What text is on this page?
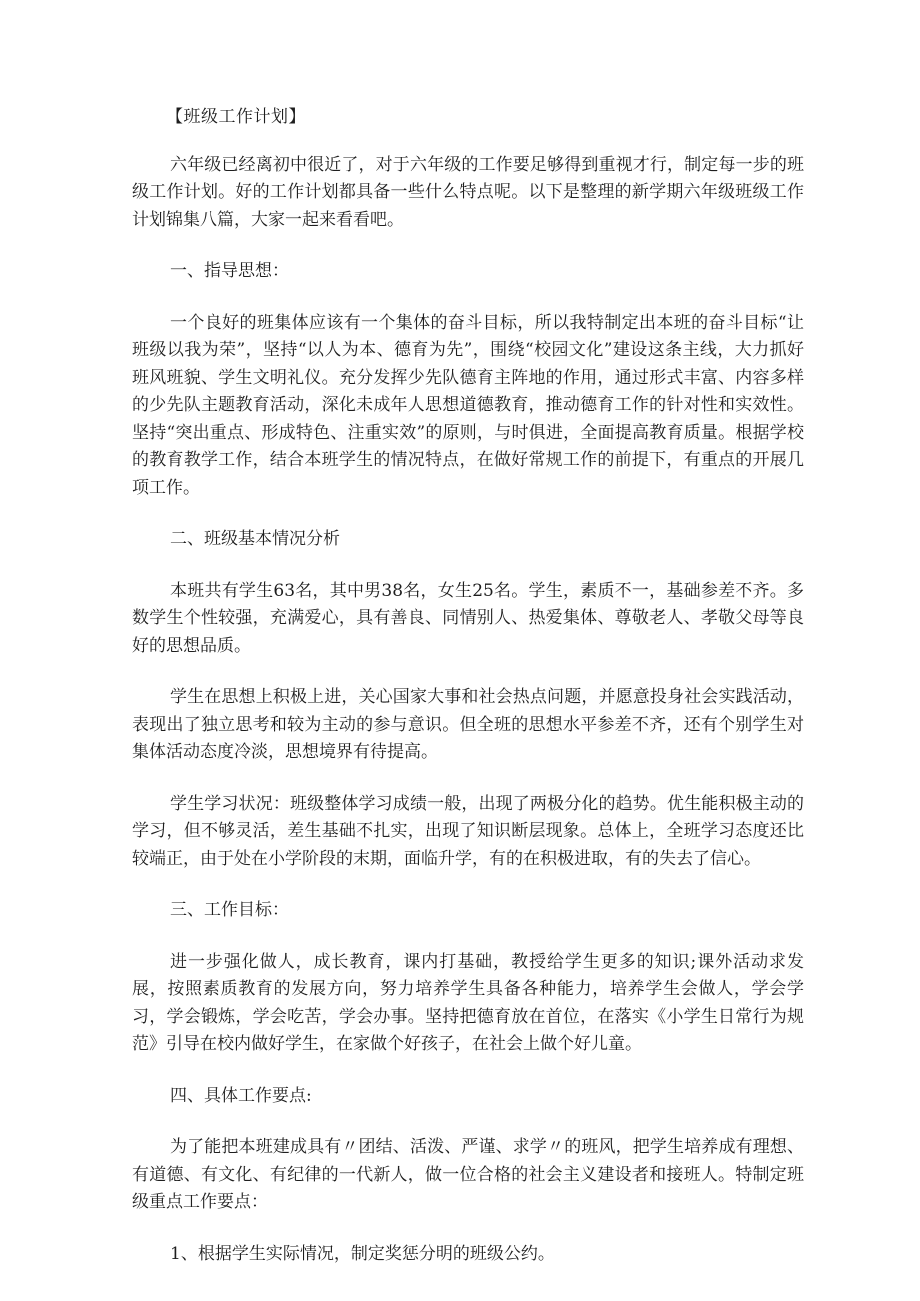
【班级工作计划】

六年级已经离初中很近了，对于六年级的工作要足够得到重视才行，制定每一步的班级工作计划。好的工作计划都具备一些什么特点呢。以下是整理的新学期六年级班级工作计划锦集八篇，大家一起来看看吧。

一、指导思想：

一个良好的班集体应该有一个集体的奋斗目标，所以我特制定出本班的奋斗目标“让班级以我为荣”，坚持“以人为本、德育为先”，围绕“校园文化”建设这条主线，大力抓好班风班貌、学生文明礼仪。充分发挥少先队德育主阵地的作用，通过形式丰富、内容多样的少先队主题教育活动，深化未成年人思想道德教育，推动德育工作的针对性和实效性。坚持“突出重点、形成特色、注重实效”的原则，与时俱进，全面提高教育质量。根据学校的教育教学工作，结合本班学生的情况特点，在做好常规工作的前提下，有重点的开展几项工作。

二、班级基本情况分析

本班共有学生63名，其中男38名，女生25名。学生，素质不一，基础参差不齐。多数学生个性较强，充满爱心，具有善良、同情别人、热爱集体、尊敬老人、孝敬父母等良好的思想品质。

学生在思想上积极上进，关心国家大事和社会热点问题，并愿意投身社会实践活动，表现出了独立思考和较为主动的参与意识。但全班的思想水平参差不齐，还有个别学生对集体活动态度冷淡，思想境界有待提高。

学生学习状况：班级整体学习成绩一般，出现了两极分化的趋势。优生能积极主动的学习，但不够灵活，差生基础不扎实，出现了知识断层现象。总体上，全班学习态度还比较端正，由于处在小学阶段的末期，面临升学，有的在积极进取，有的失去了信心。

三、工作目标：

进一步强化做人，成长教育，课内打基础，教授给学生更多的知识;课外活动求发展，按照素质教育的发展方向，努力培养学生具备各种能力，培养学生会做人，学会学习，学会锻炼，学会吃苦，学会办事。坚持把德育放在首位，在落实《小学生日常行为规范》引导在校内做好学生，在家做个好孩子，在社会上做个好儿童。

四、具体工作要点:

为了能把本班建成具有〃团结、活泼、严谨、求学〃的班风，把学生培养成有理想、有道德、有文化、有纪律的一代新人，做一位合格的社会主义建设者和接班人。特制定班级重点工作要点：

1、根据学生实际情况，制定奖惩分明的班级公约。
